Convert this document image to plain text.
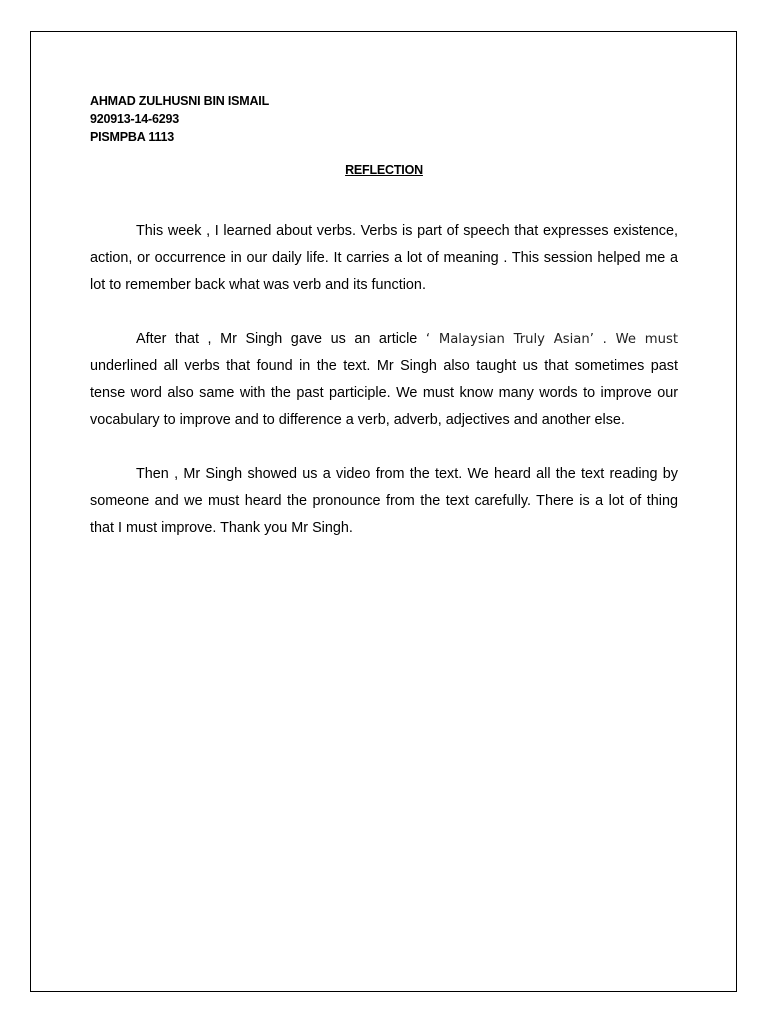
AHMAD ZULHUSNI BIN ISMAIL
920913-14-6293
PISMPBA 1113
REFLECTION

This week , I learned about verbs. Verbs is part of speech that expresses existence, action, or occurrence in our daily life. It carries a lot of meaning . This session helped me a lot to remember back what was verb and its function.

After that , Mr Singh gave us an article ‘ Malaysian Truly Asian’ . We must underlined all verbs that found in the text. Mr Singh also taught us that sometimes past tense word also same with the past participle. We must know many words to improve our vocabulary to improve and to difference a verb, adverb, adjectives and another else.

Then , Mr Singh showed us a video from the text. We heard all the text reading by someone and we must heard the pronounce from the text carefully. There is a lot of thing that I must improve. Thank you Mr Singh.
